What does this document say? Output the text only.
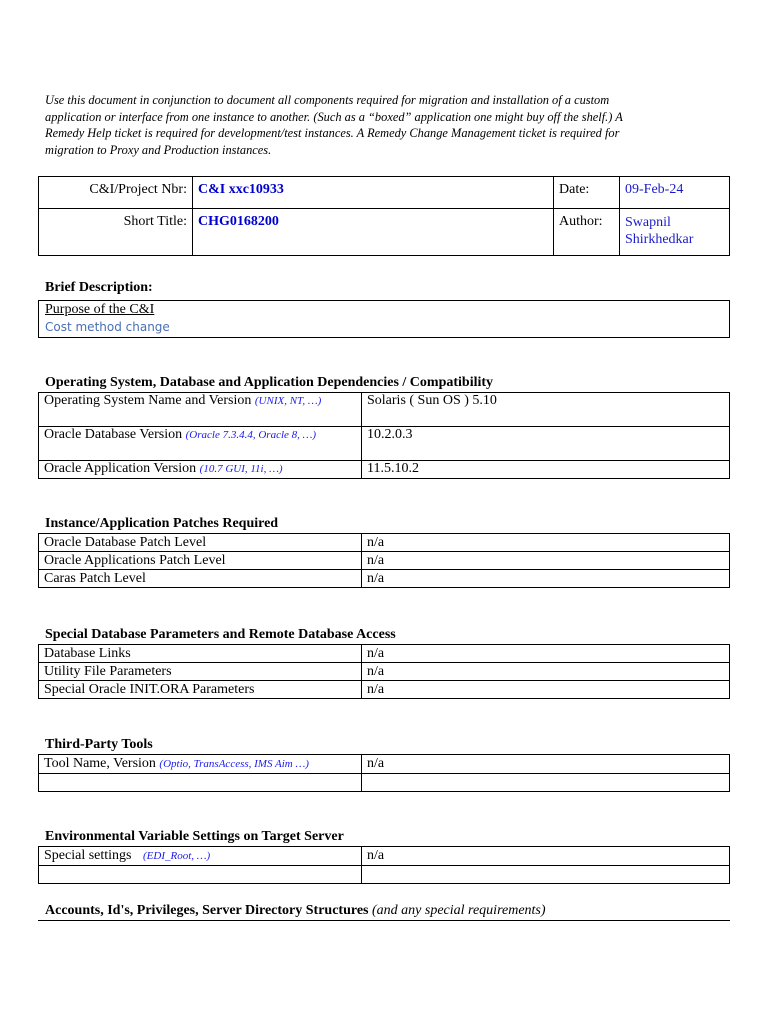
Use this document in conjunction to document all components required for migration and installation of a custom
application or interface from one instance to another. (Such as a “boxed” application one might buy off the shelf.) A
Remedy Help ticket is required for development/test instances. A Remedy Change Management ticket is required for
migration to Proxy and Production instances.
C&I/Project Nbr:	C&I xxc10933	Date:	09-Feb-24
Short Title:	CHG0168200	Author:	Swapnil
Shirkhedkar
Brief Description:
Purpose of the C&I
Cost method change
Operating System, Database and Application Dependencies / Compatibility
Operating System Name and Version (UNIX, NT, …)	Solaris ( Sun OS ) 5.10
Oracle Database Version (Oracle 7.3.4.4, Oracle 8, …)	10.2.0.3
Oracle Application Version (10.7 GUI, 11i, …)	11.5.10.2
Instance/Application Patches Required
Oracle Database Patch Level	n/a
Oracle Applications Patch Level	n/a
Caras Patch Level	n/a
Special Database Parameters and Remote Database Access
Database Links	n/a
Utility File Parameters	n/a
Special Oracle INIT.ORA Parameters	n/a
Third-Party Tools
Tool Name, Version (Optio, TransAccess, IMS Aim …)	n/a

Environmental Variable Settings on Target Server
Special settings (EDI_Root, …)	n/a

Accounts, Id's, Privileges, Server Directory Structures (and any special requirements)
